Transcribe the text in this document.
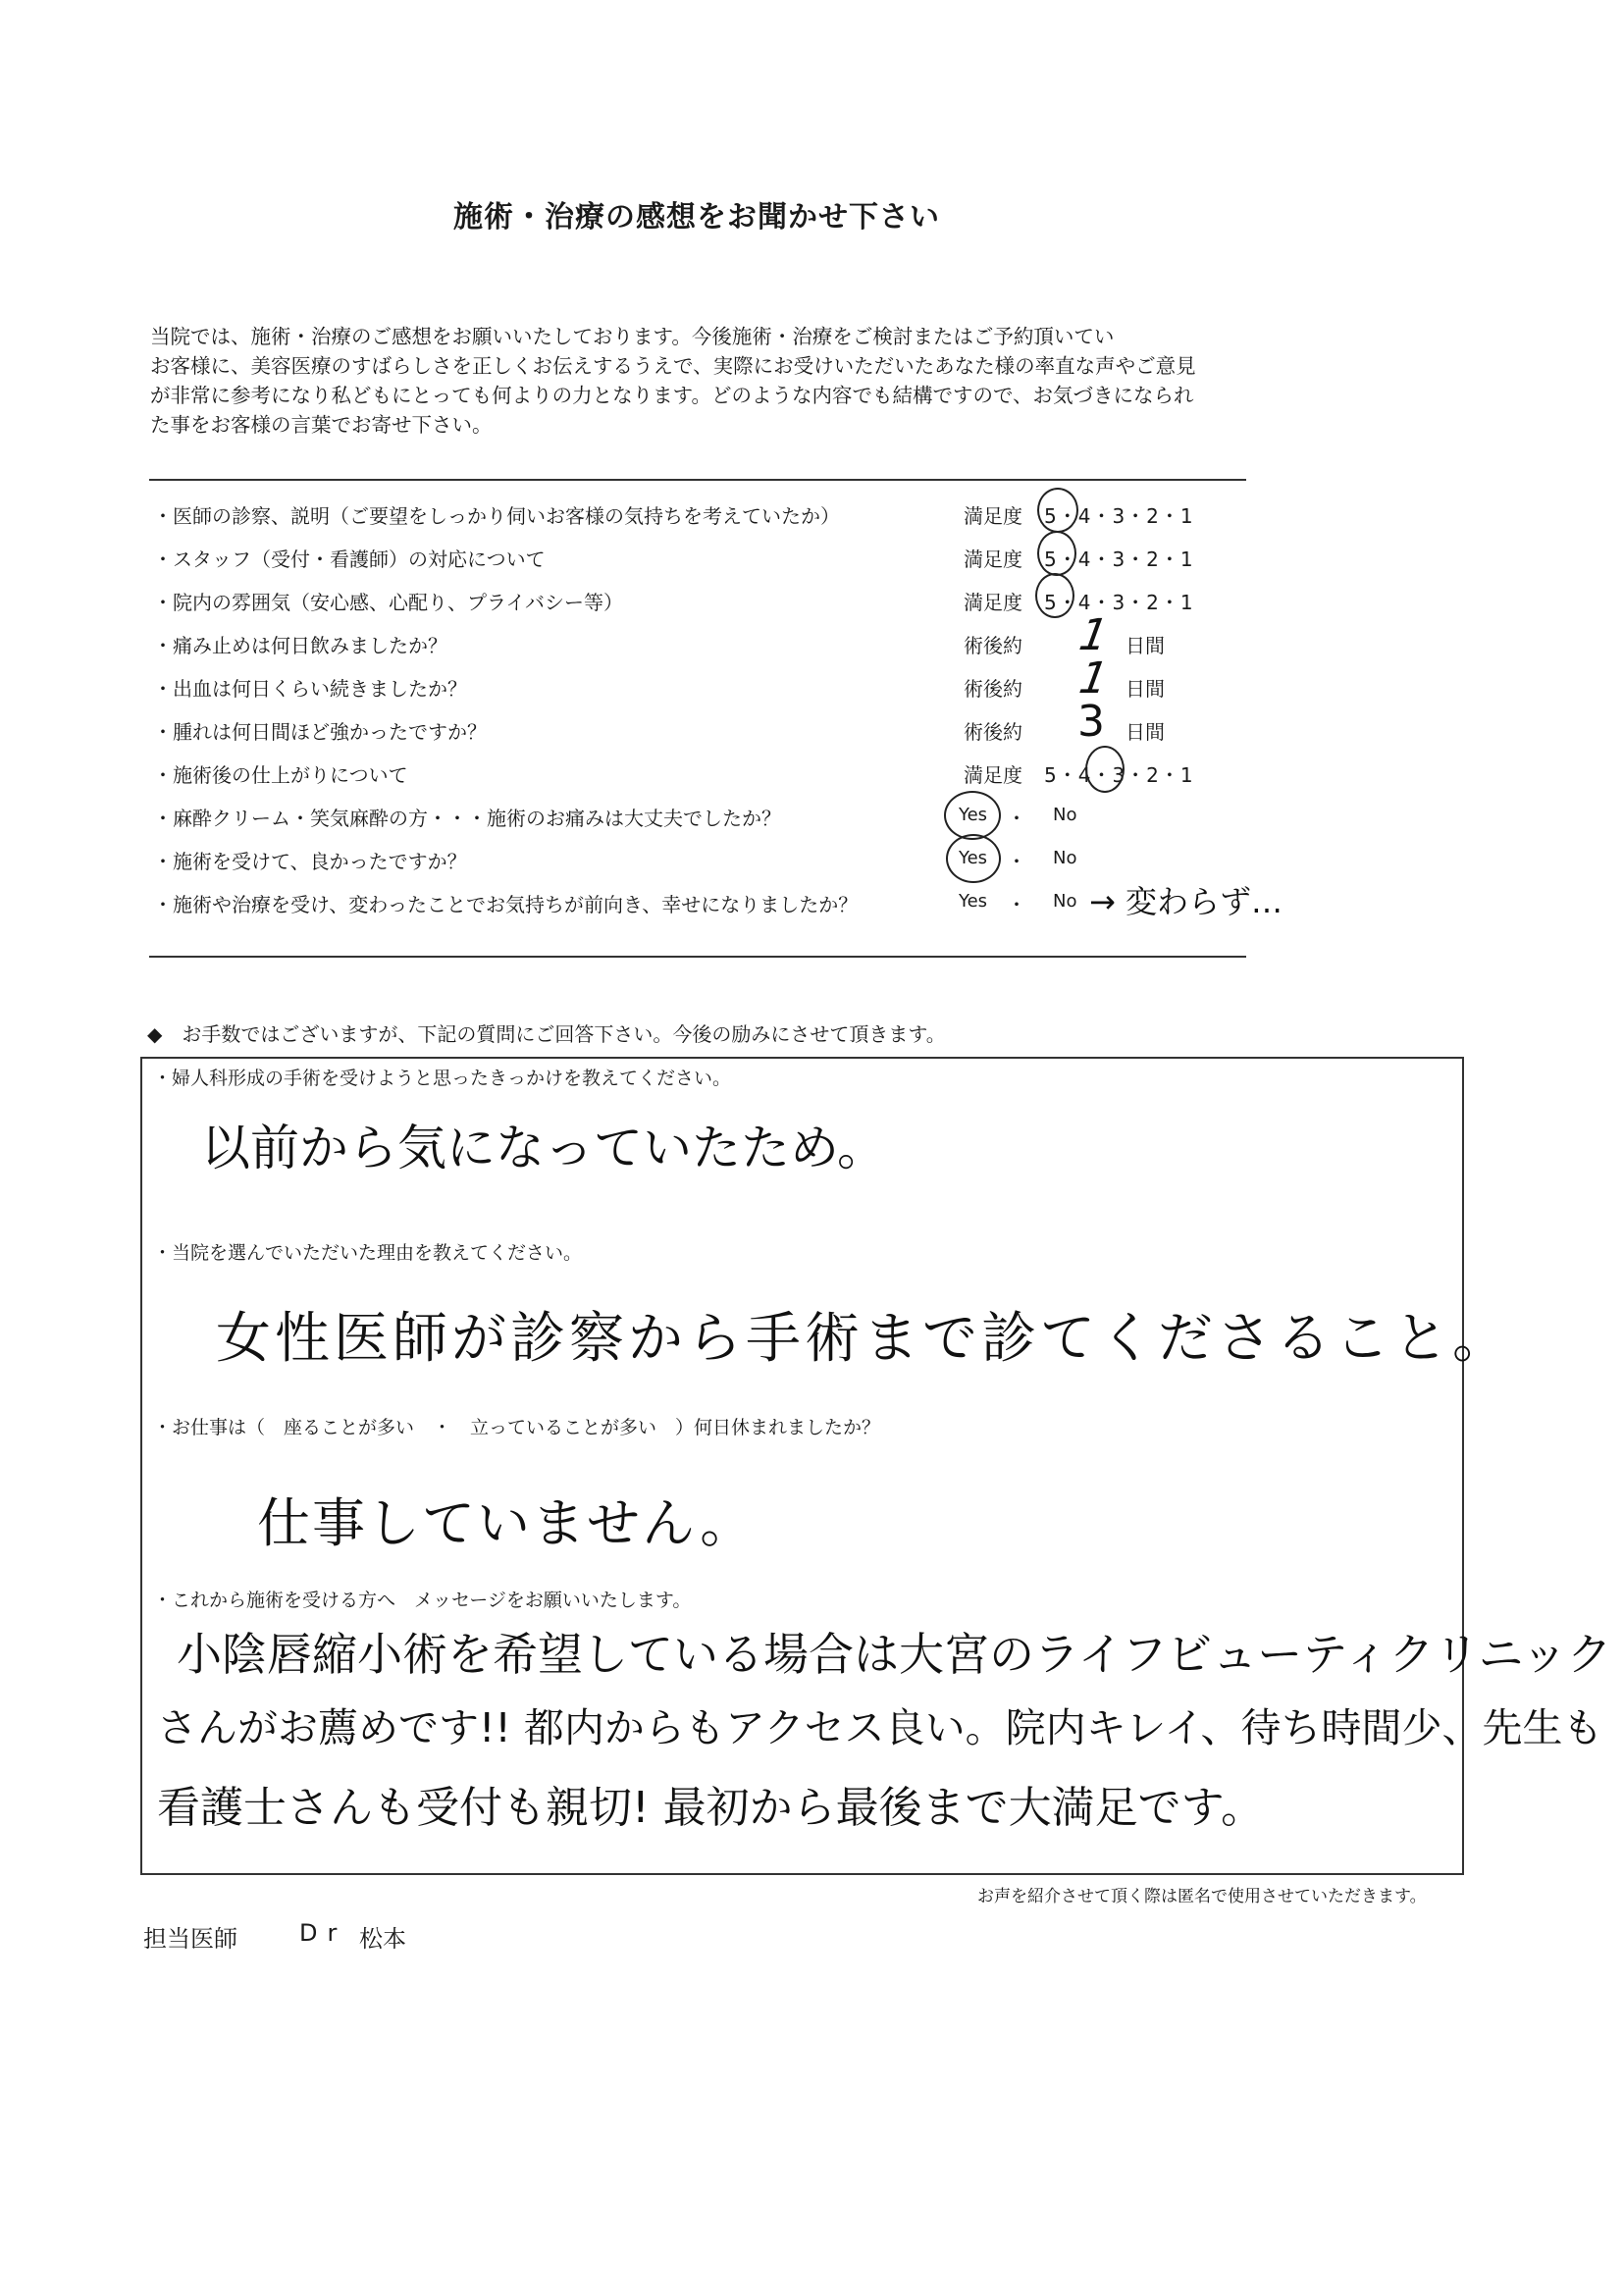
施術・治療の感想をお聞かせ下さい
当院では、施術・治療のご感想をお願いいたしております。今後施術・治療をご検討またはご予約頂いてい
お客様に、美容医療のすばらしさを正しくお伝えするうえで、実際にお受けいただいたあなた様の率直な声やご意見
が非常に参考になり私どもにとっても何よりの力となります。どのような内容でも結構ですので、お気づきになられ
た事をお客様の言葉でお寄せ下さい。
・医師の診察、説明（ご要望をしっかり伺いお客様の気持ちを考えていたか）	満足度 5・4・3・2・1
・スタッフ（受付・看護師）の対応について	満足度 5・4・3・2・1
・院内の雰囲気（安心感、心配り、プライバシー等）	満足度 5・4・3・2・1
・痛み止めは何日飲みましたか？	術後約 1 日間
・出血は何日くらい続きましたか？	術後約 1 日間
・腫れは何日間ほど強かったですか？	術後約 3 日間
・施術後の仕上がりについて	満足度 5・4・3・2・1
・麻酔クリーム・笑気麻酔の方・・・施術のお痛みは大丈夫でしたか？	Yes ・ No
・施術を受けて、良かったですか？	Yes ・ No
・施術や治療を受け、変わったことでお気持ちが前向き、幸せになりましたか？	Yes ・ No → 変わらず…
◆　お手数ではございますが、下記の質問にご回答下さい。今後の励みにさせて頂きます。
・婦人科形成の手術を受けようと思ったきっかけを教えてください。
以前から気になっていたため。
・当院を選んでいただいた理由を教えてください。
女性医師が診察から手術まで診てくださること。
・お仕事は（　座ることが多い　・　立っていることが多い　）何日休まれましたか？
仕事していません。
・これから施術を受ける方へ　メッセージをお願いいたします。
小陰唇縮小術を希望している場合は大宮のライフビューティクリニック
さんがお薦めです!! 都内からもアクセス良い。院内キレイ、待ち時間少、先生も
看護士さんも受付も親切! 最初から最後まで大満足です。
お声を紹介させて頂く際は匿名で使用させていただきます。
担当医師	Dr 松本
